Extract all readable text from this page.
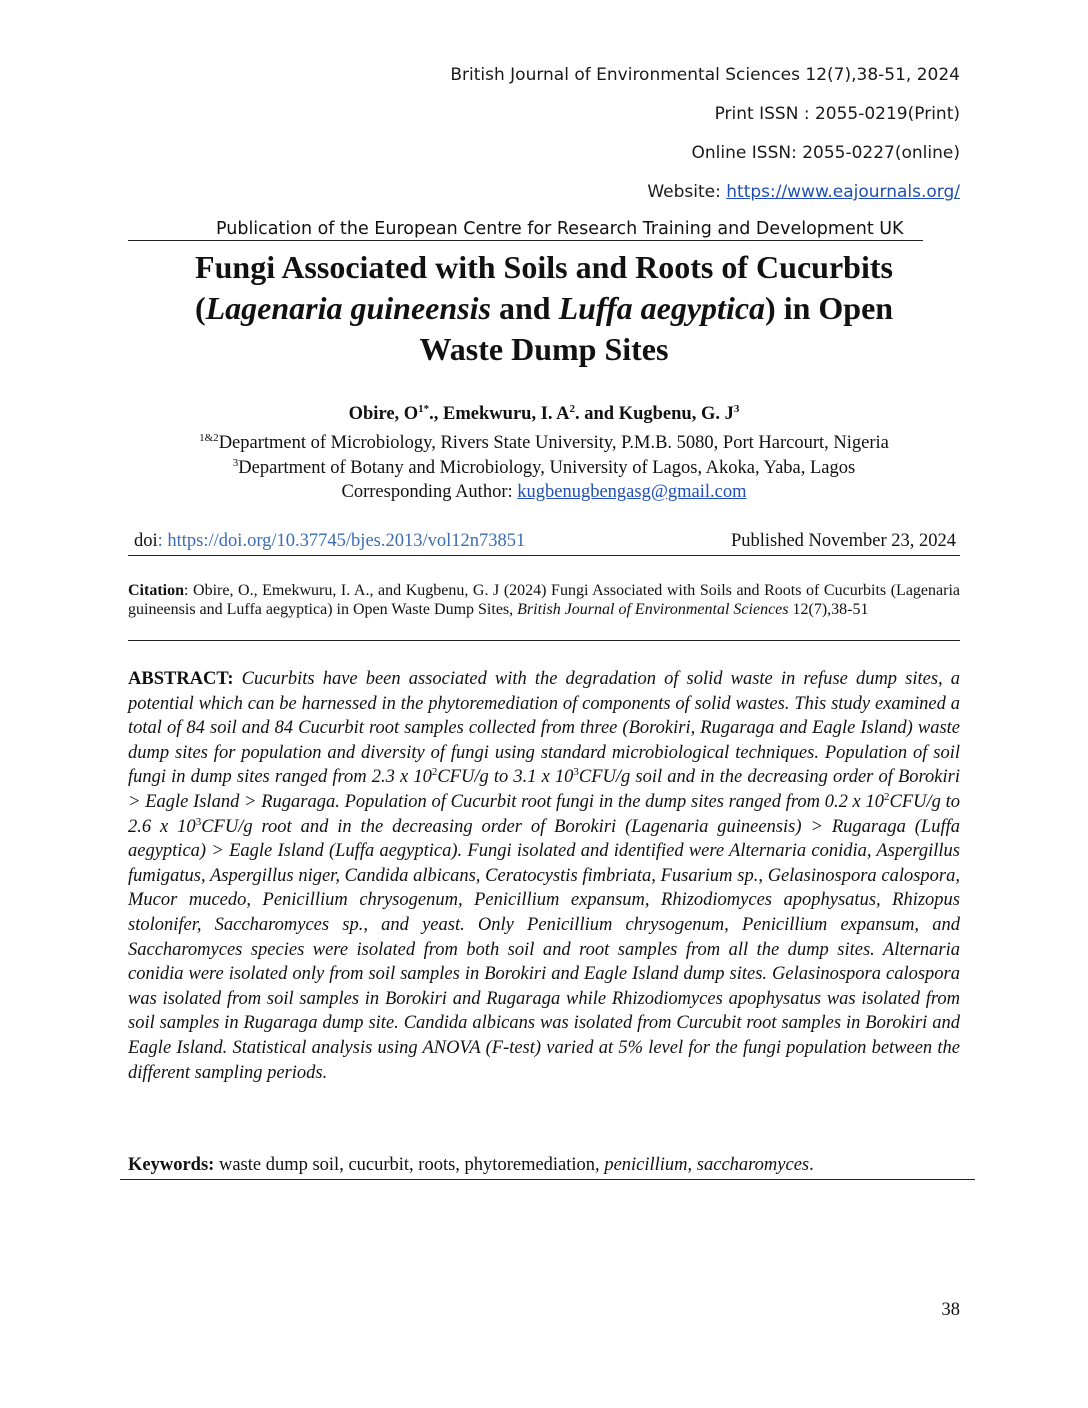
British Journal of Environmental Sciences 12(7),38-51, 2024
Print ISSN : 2055-0219(Print)
Online ISSN: 2055-0227(online)
Website: https://www.eajournals.org/
Publication of the European Centre for Research Training and Development UK
Fungi Associated with Soils and Roots of Cucurbits
(Lagenaria guineensis and Luffa aegyptica) in Open
Waste Dump Sites
Obire, $O^{1*}$., Emekwuru, I. $A^2$. and Kugbenu, G. $J^3$
$^{1\&2}$Department of Microbiology, Rivers State University, P.M.B. 5080, Port Harcourt, Nigeria
$^3$Department of Botany and Microbiology, University of Lagos, Akoka, Yaba, Lagos
Corresponding Author: kugbenugbengasg@gmail.com
doi: https://doi.org/10.37745/bjes.2013/vol12n73851	Published November 23, 2024
Citation: Obire, O., Emekwuru, I. A., and Kugbenu, G. J (2024) Fungi Associated with Soils and Roots of Cucurbits (Lagenaria guineensis and Luffa aegyptica) in Open Waste Dump Sites, British Journal of Environmental Sciences 12(7),38-51
ABSTRACT: Cucurbits have been associated with the degradation of solid waste in refuse dump sites, a potential which can be harnessed in the phytoremediation of components of solid wastes. This study examined a total of 84 soil and 84 Cucurbit root samples collected from three (Borokiri, Rugaraga and Eagle Island) waste dump sites for population and diversity of fungi using standard microbiological techniques. Population of soil fungi in dump sites ranged from 2.3 x $10^2CFU/g$ to 3.1 x $10^3CFU/g$ soil and in the decreasing order of Borokiri > Eagle Island > Rugaraga. Population of Cucurbit root fungi in the dump sites ranged from 0.2 x $10^2CFU/g$ to 2.6 x $10^3CFU/g$ root and in the decreasing order of Borokiri (Lagenaria guineensis) > Rugaraga (Luffa aegyptica) > Eagle Island (Luffa aegyptica). Fungi isolated and identified were Alternaria conidia, Aspergillus fumigatus, Aspergillus niger, Candida albicans, Ceratocystis fimbriata, Fusarium sp., Gelasinospora calospora, Mucor mucedo, Penicillium chrysogenum, Penicillium expansum, Rhizodiomyces apophysatus, Rhizopus stolonifer, Saccharomyces sp., and yeast. Only Penicillium chrysogenum, Penicillium expansum, and Saccharomyces species were isolated from both soil and root samples from all the dump sites. Alternaria conidia were isolated only from soil samples in Borokiri and Eagle Island dump sites. Gelasinospora calospora was isolated from soil samples in Borokiri and Rugaraga while Rhizodiomyces apophysatus was isolated from soil samples in Rugaraga dump site. Candida albicans was isolated from Curcubit root samples in Borokiri and Eagle Island. Statistical analysis using ANOVA (F-test) varied at 5% level for the fungi population between the different sampling periods.
Keywords: waste dump soil, cucurbit, roots, phytoremediation, penicillium, saccharomyces.
38
